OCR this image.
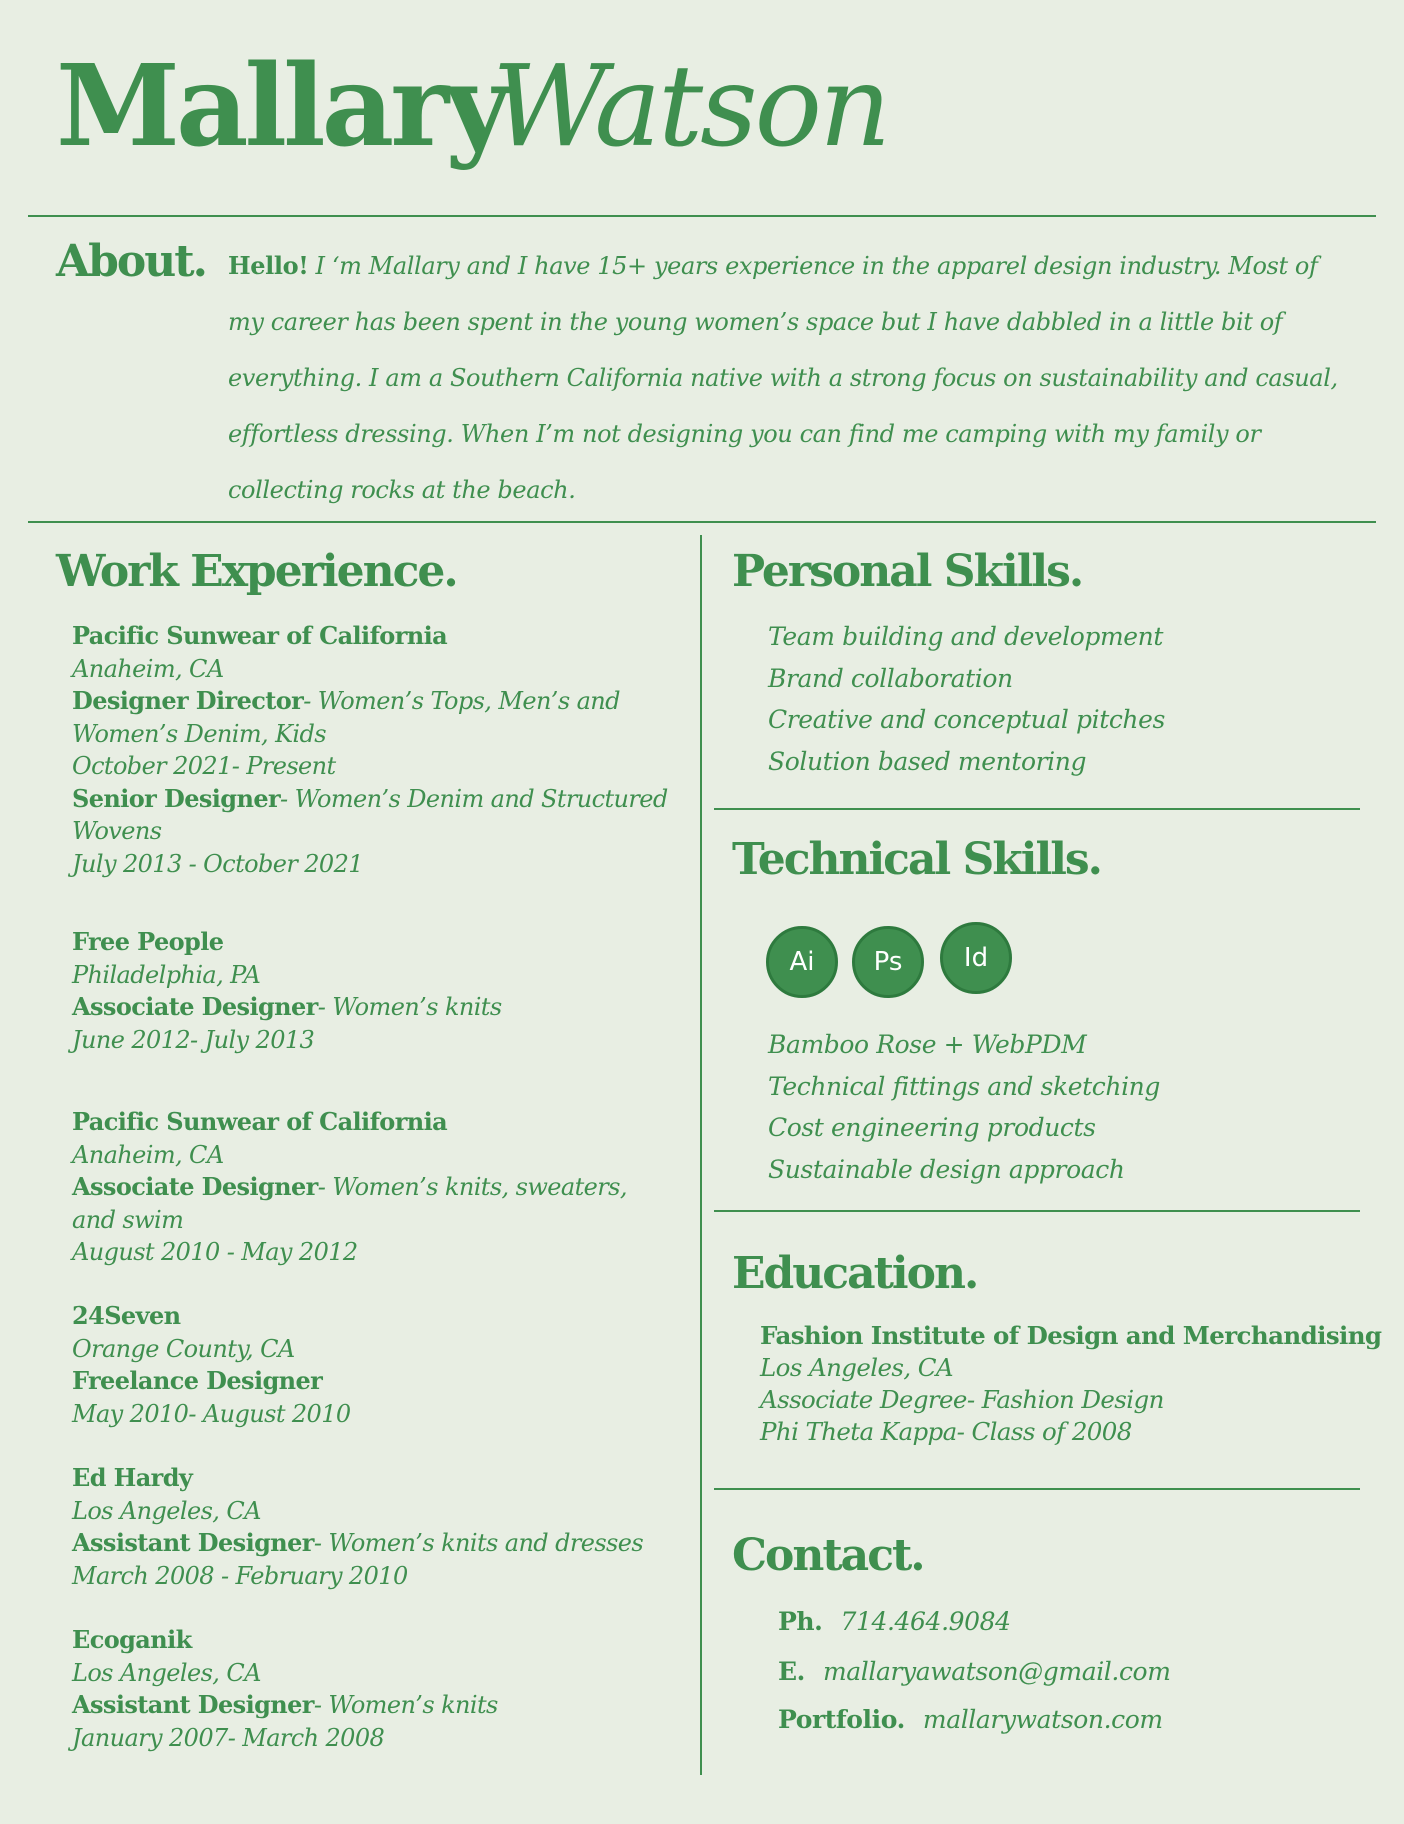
Mallary
Watson
About. Hello! I ‘m Mallary and I have 15+ years experience in the apparel design industry. Most of my career has been spent in the young women’s space but I have dabbled in a little bit of everything. I am a Southern California native with a strong focus on sustainability and casual, effortless dressing. When I’m not designing you can find me camping with my family or collecting rocks at the beach.
Work Experience.
Pacific Sunwear of California
Anaheim, CA
Designer Director- Women’s Tops, Men’s and Women’s Denim, Kids
October 2021- Present
Senior Designer- Women’s Denim and Structured Wovens
July 2013 - October 2021
Free People
Philadelphia, PA
Associate Designer- Women’s knits
June 2012- July 2013
Pacific Sunwear of California
Anaheim, CA
Associate Designer- Women’s knits, sweaters, and swim
August 2010 - May 2012
24Seven
Orange County, CA
Freelance Designer
May 2010- August 2010
Ed Hardy
Los Angeles, CA
Assistant Designer- Women’s knits and dresses
March 2008 - February 2010
Ecoganik
Los Angeles, CA
Assistant Designer- Women’s knits
January 2007- March 2008
Personal Skills.
Team building and development
Brand collaboration
Creative and conceptual pitches
Solution based mentoring
Technical Skills.
Ai	Ps	Id
Bamboo Rose + WebPDM
Technical fittings and sketching
Cost engineering products
Sustainable design approach
Education.
Fashion Institute of Design and Merchandising
Los Angeles, CA
Associate Degree- Fashion Design
Phi Theta Kappa- Class of 2008
Contact.
Ph. 714.464.9084
E. mallaryawatson@gmail.com
Portfolio. mallarywatson.com
